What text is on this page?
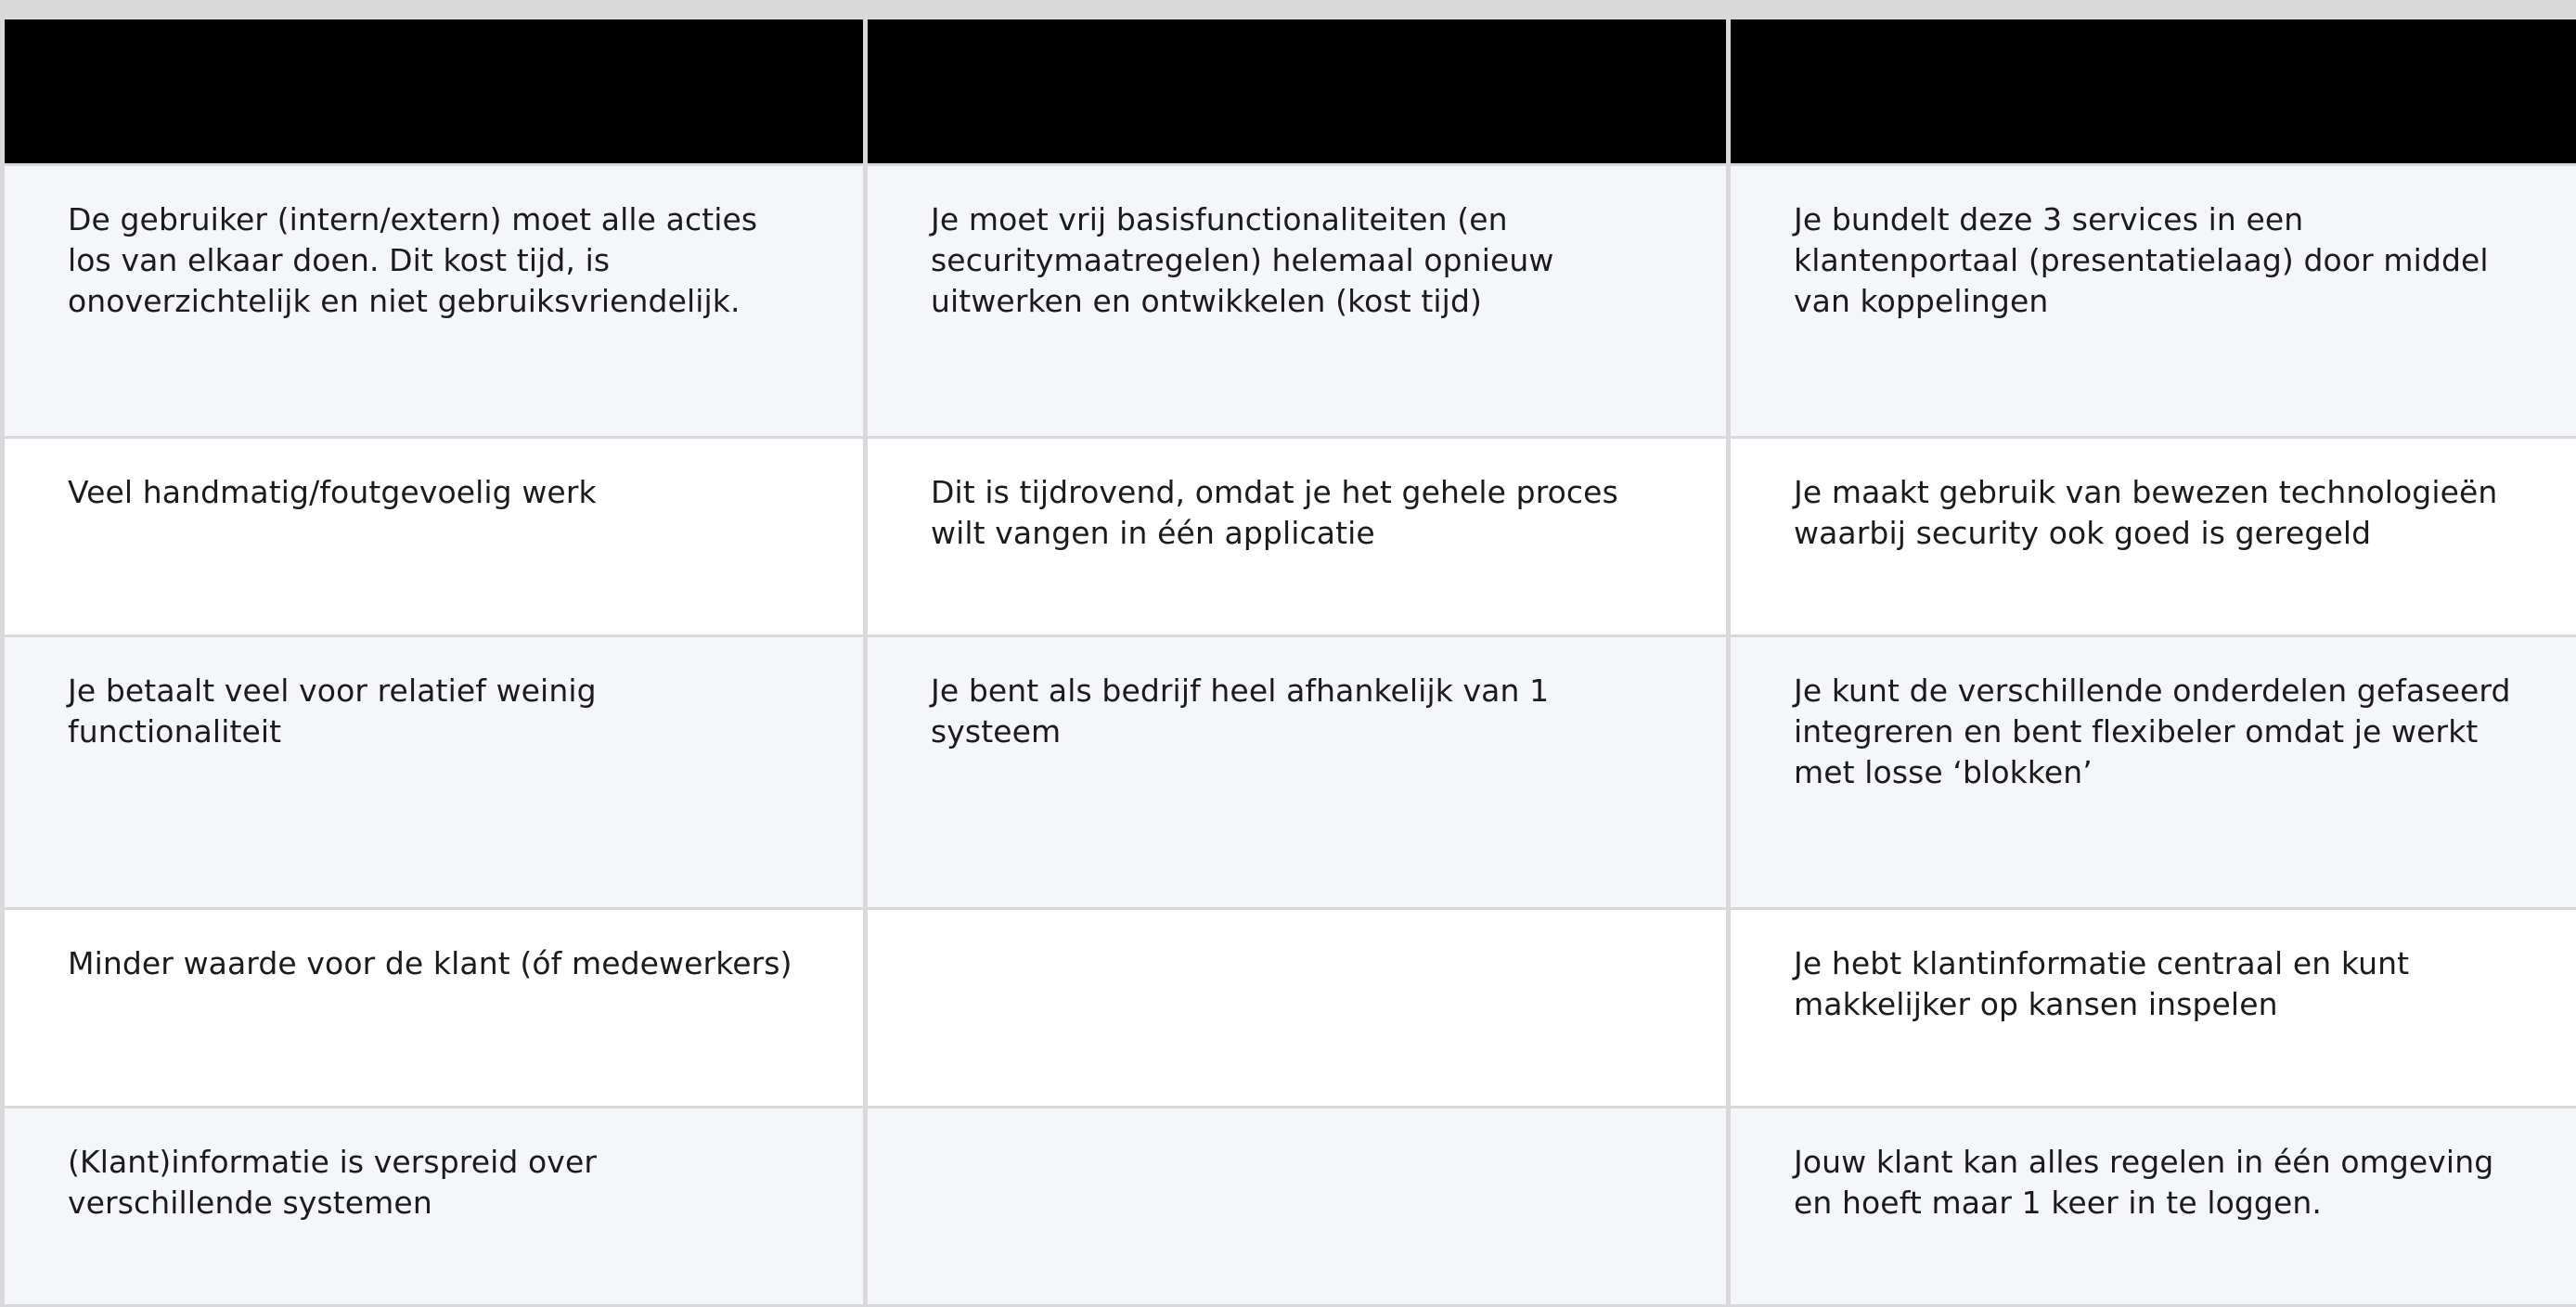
De gebruiker (intern/extern) moet alle acties los van elkaar doen. Dit kost tijd, is onoverzichtelijk en niet gebruiksvriendelijk.	Je moet vrij basisfunctionaliteiten (en securitymaatregelen) helemaal opnieuw uitwerken en ontwikkelen (kost tijd)	Je bundelt deze 3 services in een klantenportaal (presentatielaag) door middel van koppelingen

Veel handmatig/foutgevoelig werk	Dit is tijdrovend, omdat je het gehele proces wilt vangen in één applicatie	Je maakt gebruik van bewezen technologieën waarbij security ook goed is geregeld

Je betaalt veel voor relatief weinig functionaliteit	Je bent als bedrijf heel afhankelijk van 1 systeem	Je kunt de verschillende onderdelen gefaseerd integreren en bent flexibeler omdat je werkt met losse ‘blokken’

Minder waarde voor de klant (óf medewerkers)		Je hebt klantinformatie centraal en kunt makkelijker op kansen inspelen

(Klant)informatie is verspreid over verschillende systemen		Jouw klant kan alles regelen in één omgeving en hoeft maar 1 keer in te loggen.
